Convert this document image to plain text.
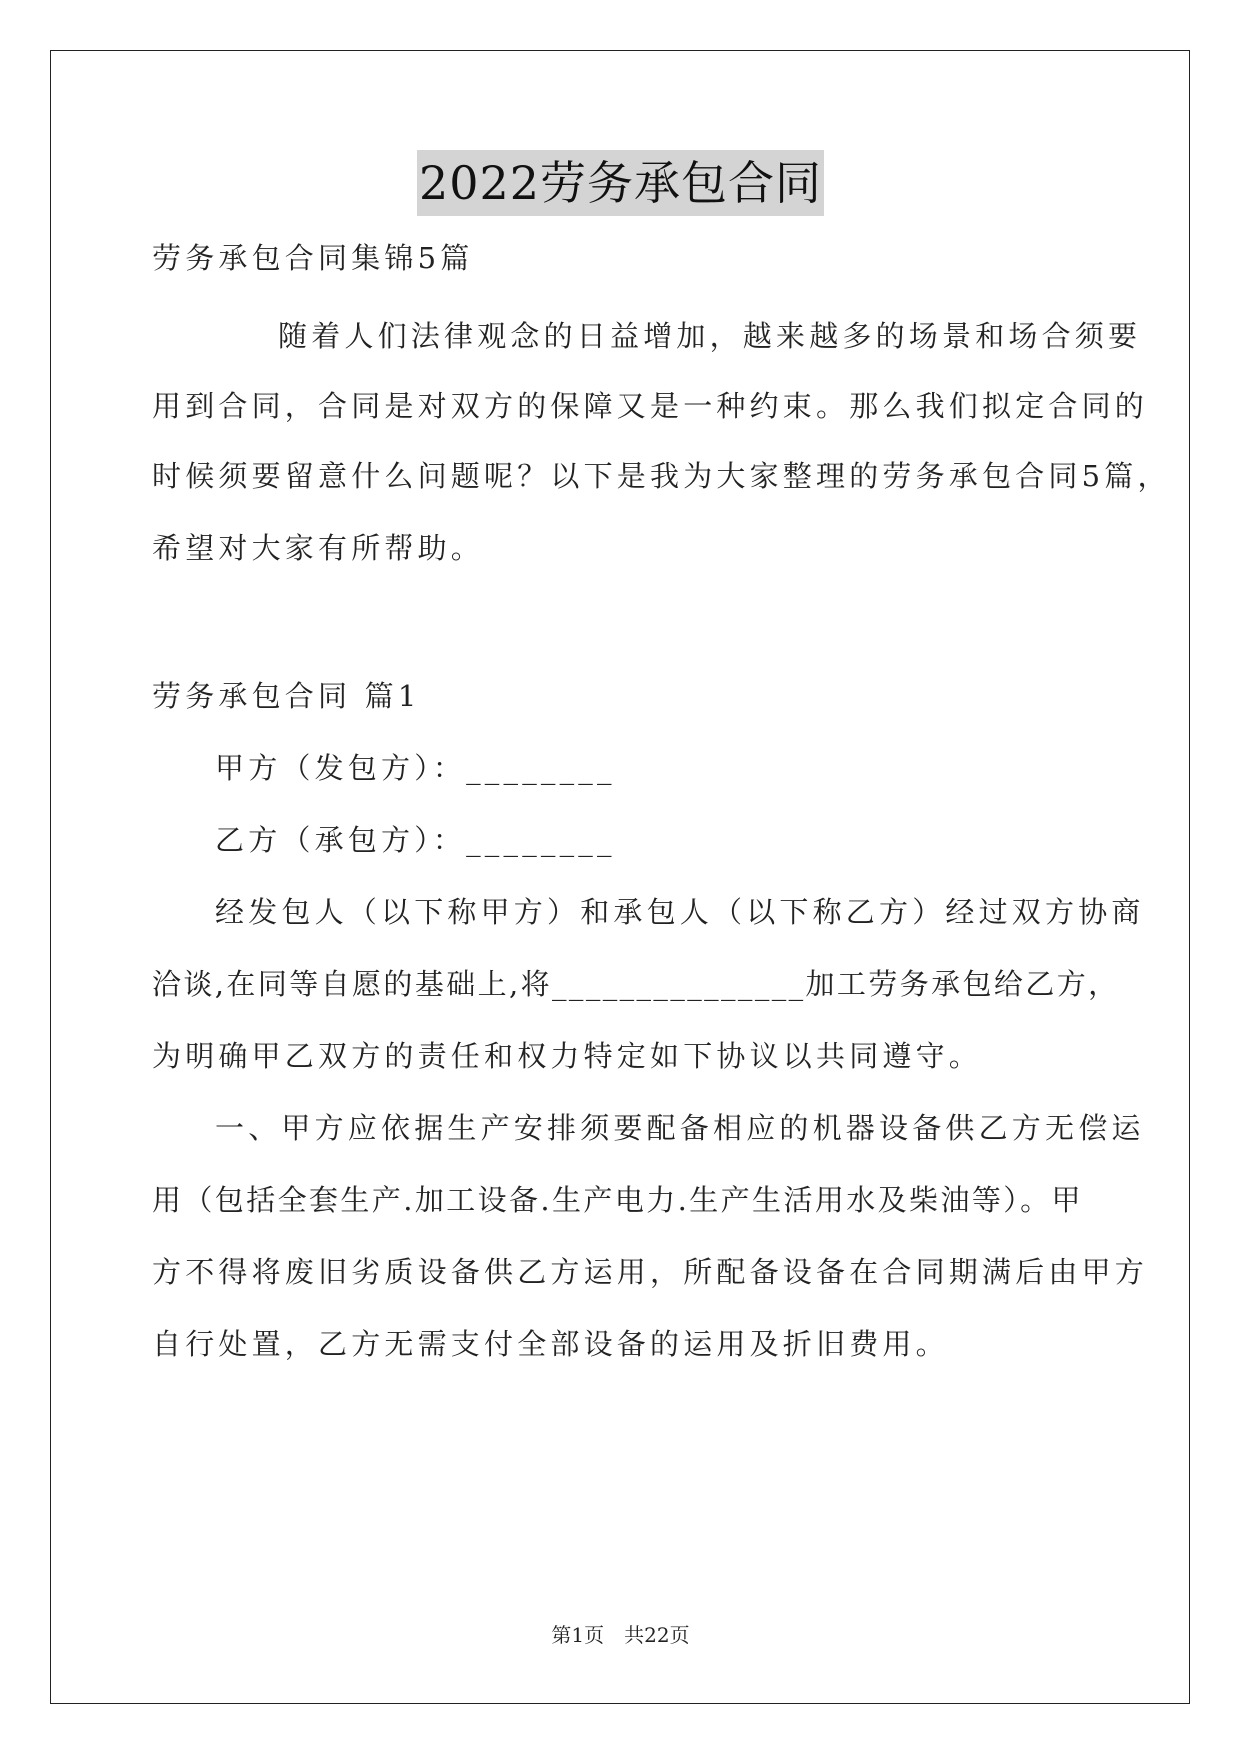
2022劳务承包合同
劳务承包合同集锦5篇
随着人们法律观念的日益增加，越来越多的场景和场合须要
用到合同，合同是对双方的保障又是一种约束。那么我们拟定合同的
时候须要留意什么问题呢？以下是我为大家整理的劳务承包合同5篇，
希望对大家有所帮助。
劳务承包合同 篇1
甲方（发包方）：________
乙方（承包方）：________
经发包人（以下称甲方）和承包人（以下称乙方）经过双方协商
洽谈,在同等自愿的基础上,将_______________加工劳务承包给乙方，
为明确甲乙双方的责任和权力特定如下协议以共同遵守。
一、甲方应依据生产安排须要配备相应的机器设备供乙方无偿运
用（包括全套生产.加工设备.生产电力.生产生活用水及柴油等）。甲
方不得将废旧劣质设备供乙方运用，所配备设备在合同期满后由甲方
自行处置，乙方无需支付全部设备的运用及折旧费用。
第1页　共22页
